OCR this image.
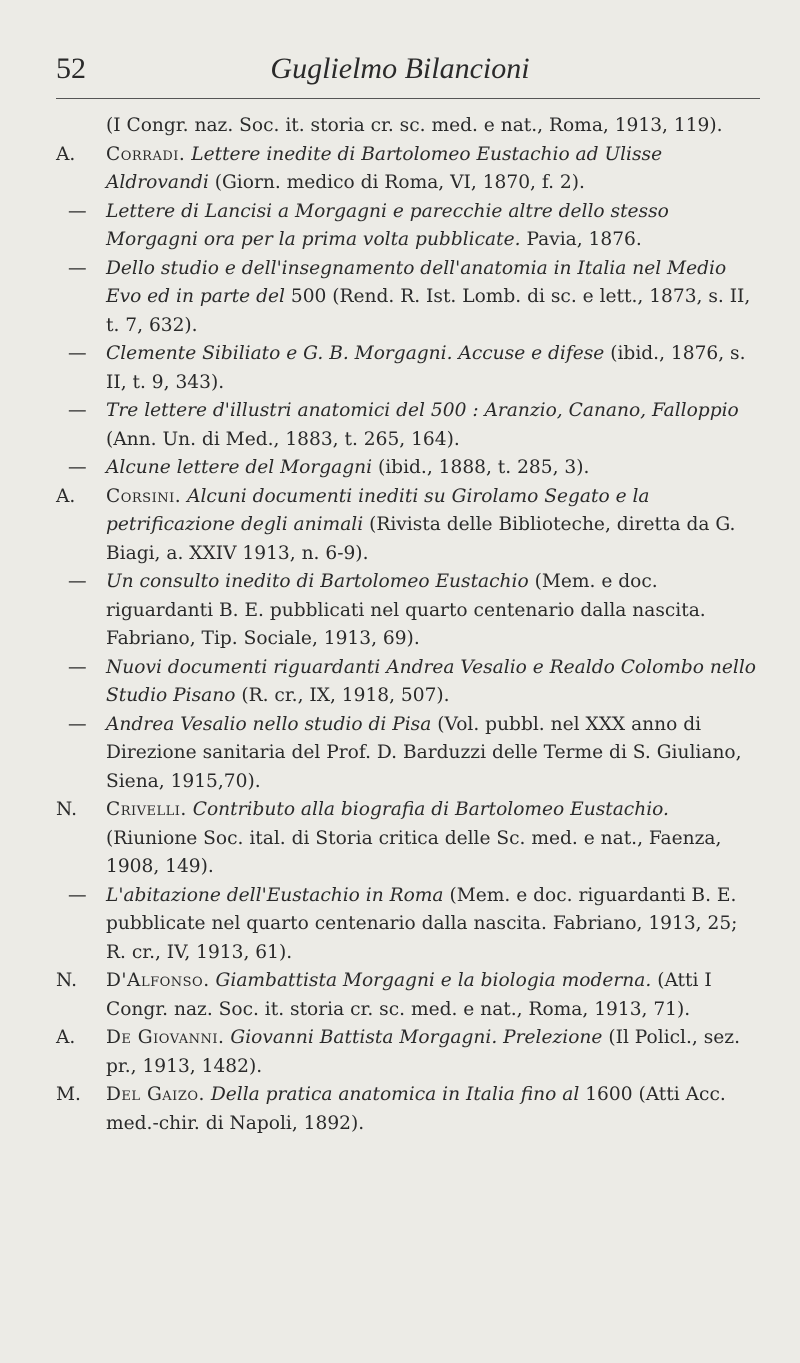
52	Guglielmo Bilancioni
(I Congr. naz. Soc. it. storia cr. sc. med. e nat., Roma, 1913, 119).
A.	Corradi. Lettere inedite di Bartolomeo Eustachio ad Ulisse Aldrovandi (Giorn. medico di Roma, VI, 1870, f. 2).
—	Lettere di Lancisi a Morgagni e parecchie altre dello stesso Morgagni ora per la prima volta pubblicate. Pavia, 1876.
—	Dello studio e dell'insegnamento dell'anatomia in Italia nel Medio Evo ed in parte del 500 (Rend. R. Ist. Lomb. di sc. e lett., 1873, s. II, t. 7, 632).
—	Clemente Sibiliato e G. B. Morgagni. Accuse e difese (ibid., 1876, s. II, t. 9, 343).
—	Tre lettere d'illustri anatomici del 500 : Aranzio, Canano, Falloppio (Ann. Un. di Med., 1883, t. 265, 164).
—	Alcune lettere del Morgagni (ibid., 1888, t. 285, 3).
A.	Corsini. Alcuni documenti inediti su Girolamo Segato e la petrificazione degli animali (Rivista delle Biblioteche, diretta da G. Biagi, a. XXIV 1913, n. 6-9).
—	Un consulto inedito di Bartolomeo Eustachio (Mem. e doc. riguardanti B. E. pubblicati nel quarto centenario dalla nascita. Fabriano, Tip. Sociale, 1913, 69).
—	Nuovi documenti riguardanti Andrea Vesalio e Realdo Colombo nello Studio Pisano (R. cr., IX, 1918, 507).
—	Andrea Vesalio nello studio di Pisa (Vol. pubbl. nel XXX anno di Direzione sanitaria del Prof. D. Barduzzi delle Terme di S. Giuliano, Siena, 1915,70).
N.	Crivelli. Contributo alla biografia di Bartolomeo Eustachio. (Riunione Soc. ital. di Storia critica delle Sc. med. e nat., Faenza, 1908, 149).
—	L'abitazione dell'Eustachio in Roma (Mem. e doc. riguardanti B. E. pubblicate nel quarto centenario dalla nascita. Fabriano, 1913, 25; R. cr., IV, 1913, 61).
N.	D'Alfonso. Giambattista Morgagni e la biologia moderna. (Atti I Congr. naz. Soc. it. storia cr. sc. med. e nat., Roma, 1913, 71).
A.	De Giovanni. Giovanni Battista Morgagni. Prelezione (Il Policl., sez. pr., 1913, 1482).
M.	Del Gaizo. Della pratica anatomica in Italia fino al 1600 (Atti Acc. med.-chir. di Napoli, 1892).
